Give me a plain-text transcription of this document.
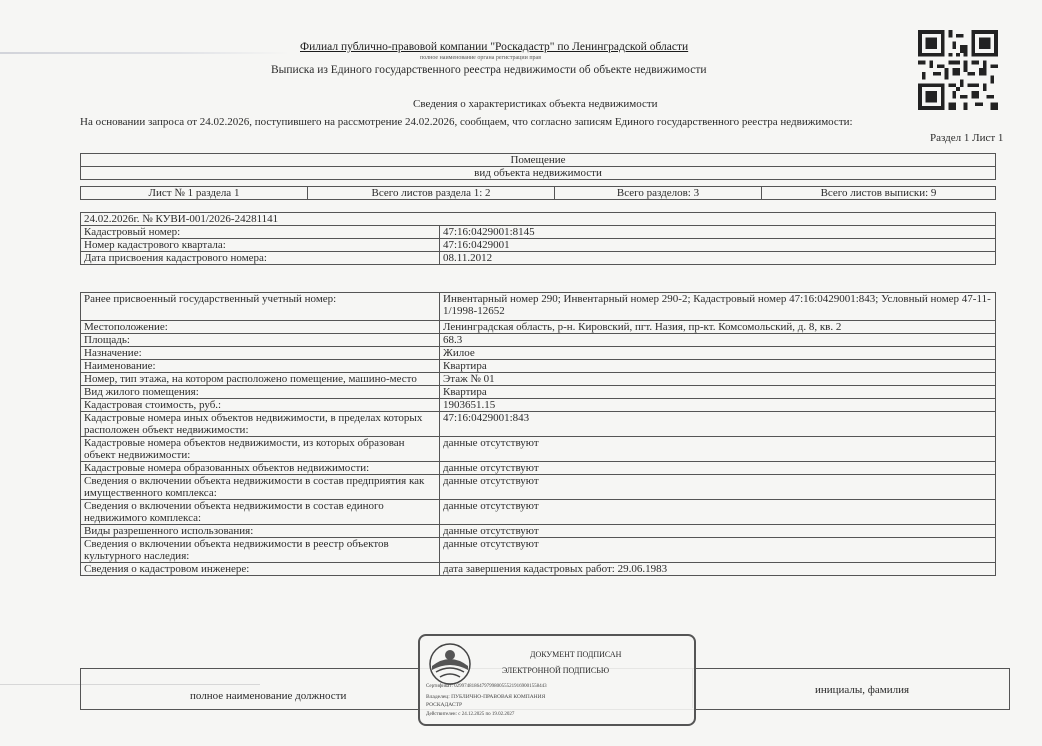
Филиал публично-правовой компании "Роскадастр" по Ленинградской области
полное наименование органа регистрации прав
Выписка из Единого государственного реестра недвижимости об объекте недвижимости
Сведения о характеристиках объекта недвижимости
На основании запроса от 24.02.2026, поступившего на рассмотрение 24.02.2026, сообщаем, что согласно записям Единого государственного реестра недвижимости:
Раздел 1 Лист 1
Помещение
вид объекта недвижимости
Лист № 1 раздела 1	Всего листов раздела 1: 2	Всего разделов: 3	Всего листов выписки: 9
24.02.2026г. № КУВИ-001/2026-24281141	
Кадастровый номер:	47:16:0429001:8145
Номер кадастрового квартала:	47:16:0429001
Дата присвоения кадастрового номера:	08.11.2012
Ранее присвоенный государственный учетный номер:	Инвентарный номер 290; Инвентарный номер 290-2; Кадастровый номер 47:16:0429001:843; Условный номер 47-11-1/1998-12652
Местоположение:	Ленинградская область, р-н. Кировский, пгт. Назия, пр-кт. Комсомольский, д. 8, кв. 2
Площадь:	68.3
Назначение:	Жилое
Наименование:	Квартира
Номер, тип этажа, на котором расположено помещение, машино-место	Этаж № 01
Вид жилого помещения:	Квартира
Кадастровая стоимость, руб.:	1903651.15
Кадастровые номера иных объектов недвижимости, в пределах которых расположен объект недвижимости:	47:16:0429001:843
Кадастровые номера объектов недвижимости, из которых образован объект недвижимости:	данные отсутствуют
Кадастровые номера образованных объектов недвижимости:	данные отсутствуют
Сведения о включении объекта недвижимости в состав предприятия как имущественного комплекса:	данные отсутствуют
Сведения о включении объекта недвижимости в состав единого недвижимого комплекса:	данные отсутствуют
Виды разрешенного использования:	данные отсутствуют
Сведения о включении объекта недвижимости в реестр объектов культурного наследия:	данные отсутствуют
Сведения о кадастровом инженере:	дата завершения кадастровых работ: 29.06.1983
полное наименование должности	инициалы, фамилия
ДОКУМЕНТ ПОДПИСАН
ЭЛЕКТРОННОЙ ПОДПИСЬЮ
Сертификат: 0299748186479799800555219169001558443
Владелец: ПУБЛИЧНО-ПРАВОВАЯ КОМПАНИЯ
РОСКАДАСТР
Действителен: с 24.12.2025 по 19.02.2027
